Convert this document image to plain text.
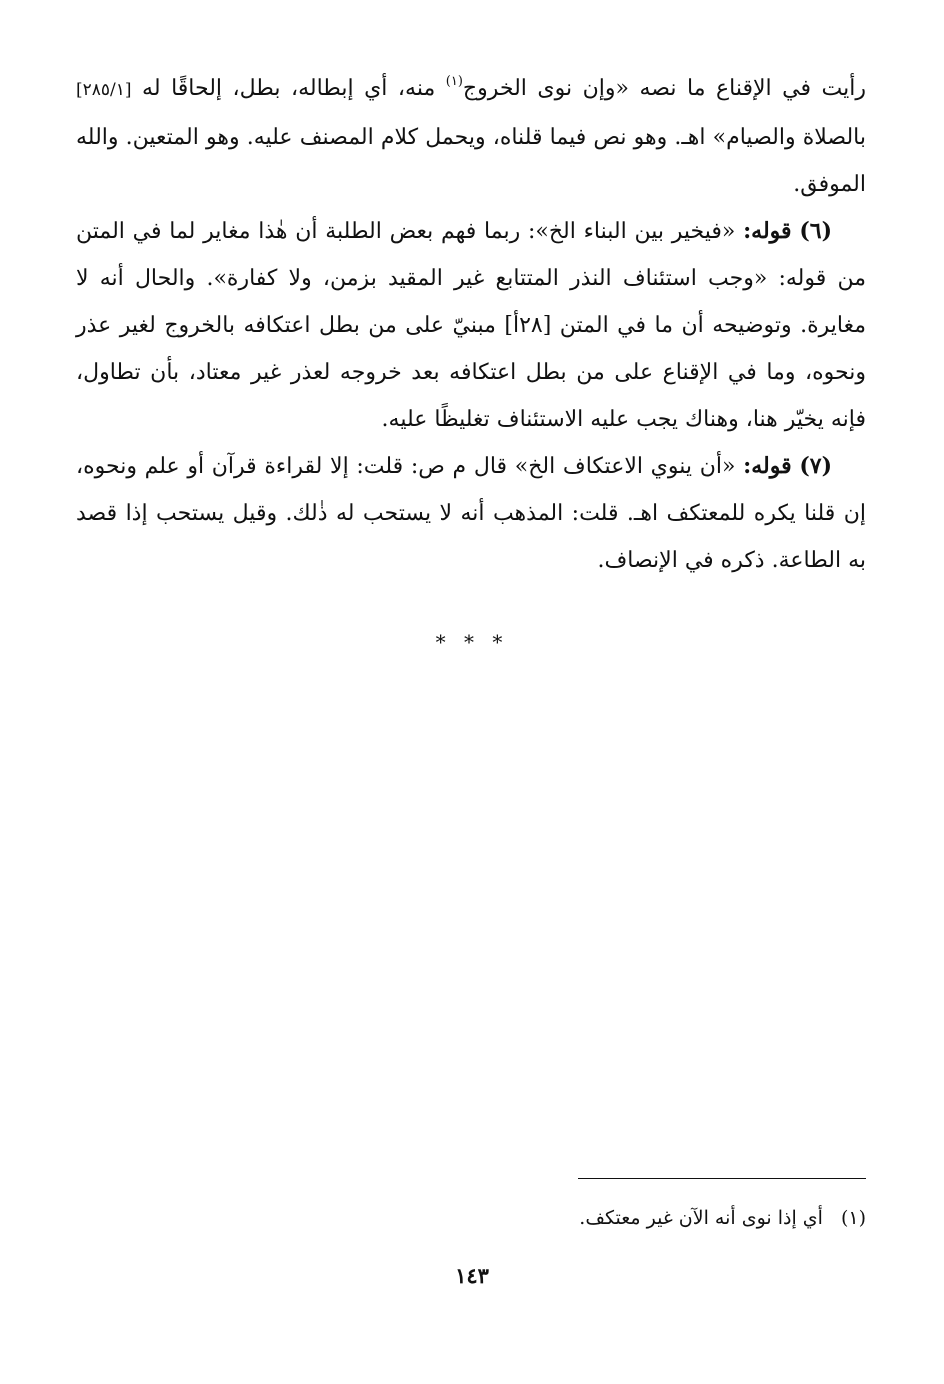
رأيت في الإقناع ما نصه «وإن نوى الخروج$^{(١)}$ منه، أي إبطاله، بطل، إلحاقًا له [٢٨٥/١] بالصلاة والصيام» اهـ. وهو نص فيما قلناه، ويحمل كلام المصنف عليه. وهو المتعين. والله الموفق.

(٦) قوله: «فيخير بين البناء الخ»: ربما فهم بعض الطلبة أن هٰذا مغاير لما في المتن من قوله: «وجب استئناف النذر المتتابع غير المقيد بزمن، ولا كفارة». والحال أنه لا مغايرة. وتوضيحه أن ما في المتن [٢٨أ] مبنيّ على من بطل اعتكافه بالخروج لغير عذر ونحوه، وما في الإقناع على من بطل اعتكافه بعد خروجه لعذر غير معتاد، بأن تطاول، فإنه يخيّر هنا، وهناك يجب عليه الاستئناف تغليظًا عليه.

(٧) قوله: «أن ينوي الاعتكاف الخ» قال م ص: قلت: إلا لقراءة قرآن أو علم ونحوه، إن قلنا يكره للمعتكف اهـ. قلت: المذهب أنه لا يستحب له ذٰلك. وقيل يستحب إذا قصد به الطاعة. ذكره في الإنصاف.

* * *
(١)أي إذا نوى أنه الآن غير معتكف.
١٤٣
